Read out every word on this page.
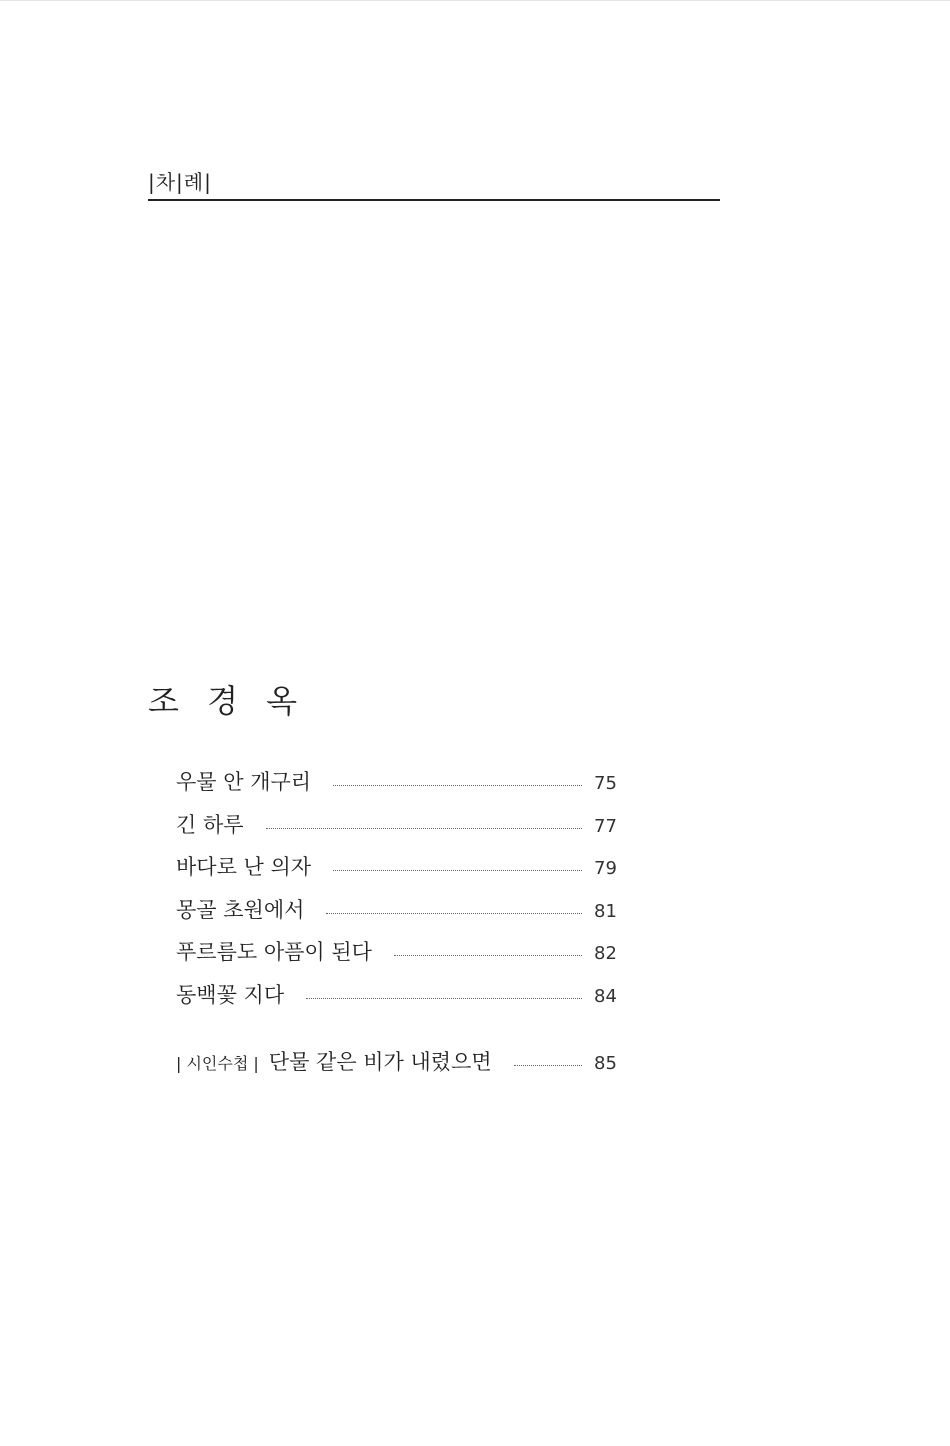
|차|례|
조 경 옥
우물 안 개구리	75
긴 하루	77
바다로 난 의자	79
몽골 초원에서	81
푸르름도 아픔이 된다	82
동백꽃 지다	84
| 시인수첩 | 단물 같은 비가 내렸으면	85
